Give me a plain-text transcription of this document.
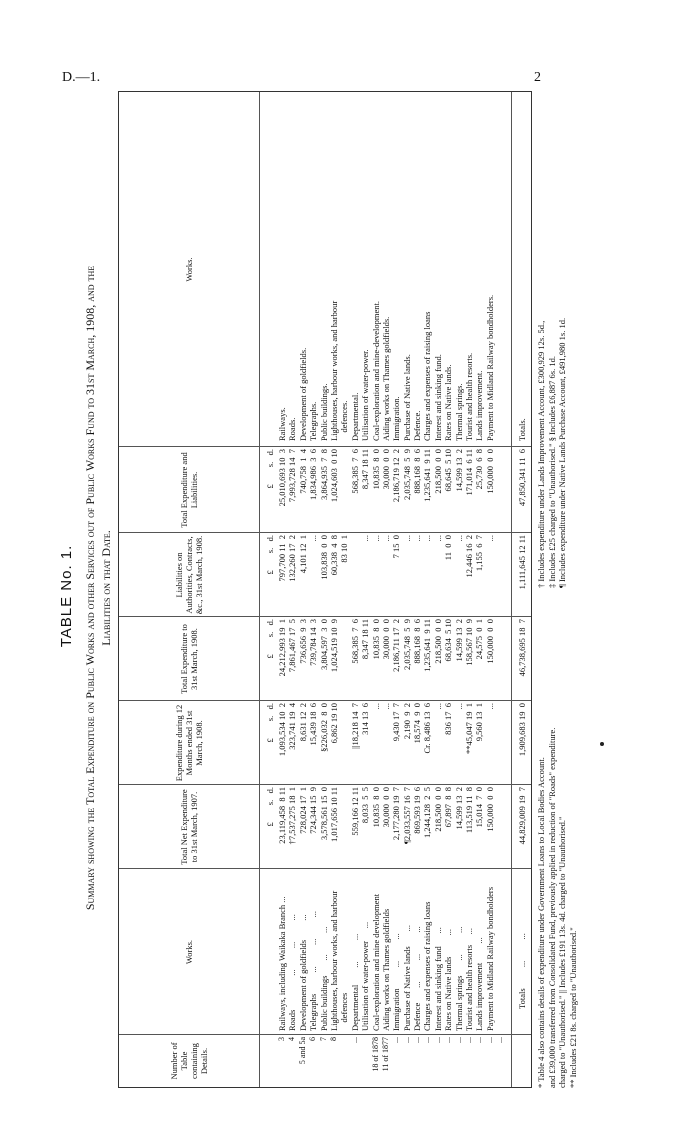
D.—1.	2
TABLE No. 1. Summary showing the Total Expenditure on Public Works and other Services out of Public Works Fund to 31st March, 1908, and the Liabilities on that Date.
Number of Table containing Details.
Works.
Total Net Expenditure to 31st March, 1907.
Expenditure during 12 Months ended 31st March, 1908.
Total Expenditure to 31st March, 1908.
Liabilities on Authorities, Contracts, &c., 31st March, 1908.
Total Expenditure and Liabilities.
Works.
£        s.   d.
£        s.   d.
£        s.   d.
£        s.   d.
£        s.   d.
3 4 5 and 5a 6 7 8 ... 18 of 1878 11 of 1877 ... ... ... ... ... ... ... ... ... ... ...
Railways, including Waikaka Branch ... Roads                ...          ...          ... Development of goldfields         ... Telegraphs          ...          ...          ... Public buildings       ...          ... Lighthouses, harbour works, and harbour defences Departmental        ...          ... Utilisation of water-power      ... Coal-exploration and mine development Aiding works on Thames goldfields Immigration          ...          ... Purchase of Native lands       ... Defence       ...          ...          ... Charges and expenses of raising loans Interest and sinking fund      ... Rates on Native lands          ... Thermal springs       ...          ... Tourist and health resorts     ... Lands improvement         ... Payment to Midland Railway bondholders
23,119,458  8 11 †7,537,275 18  1 728,024 17  1 724,344 15  9 3,578,561 15  0 1,017,656 10 11 559,166 12 11 8,033  5  5 10,835  8  0 30,000  0  0 2,177,280 19  7 ¶2,033,557 16  7 869,593 19  6 1,244,128  2  5 218,500  0  0 67,897  8  8 14,599 13  2 113,519 11  8 15,014  7  0 150,000  0  0
1,093,534 10  2 323,741 19  4 8,631 12  2 15,439 18  6 §226,032  8  0 6,862 19 10 ||18,218 14  7 314 13  6 ... ... 9,430 17  7 2,190  9  2 18,574  9  0 Cr. 8,486 13  6 ... 836 17  6 ... **45,047 19  1 9,560 13  1 ...
24,212,993 19  1 7,861,467 17  5 736,656  9  3 739,784 14  3 3,804,597  3  0 1,024,519 10  9 568,385  7  6 8,347 18 11 10,835  8  0 30,000  0  0 2,186,711 17  2 2,035,748  5  9 888,168  8  6 1,235,641  9 11 218,500  0  0 68,634  5 10 14,599 13  2 158,567 10  9 24,575  0  1 150,000  0  0
797,700 11  2 132,260 17  2 4,101 12  1 ... 103,838  0  0 60,338  4  8 83 10  1 ... ... ... 7 15  0 ... ... ... ... 11  0  0 ... 12,446 16  2 1,155  6  7 ...
25,010,693 10  3 7,993,728 14  7 740,758  1  4 1,834,986  3  6 3,864,935  7  8 1,024,603  0 10 568,385  7  6 8,347 18 11 10,835  8  0 30,000  0  0 2,186,719 12  2 2,035,748  5  9 888,168  8  6 1,235,641  9 11 218,500  0  0 68,645  5 10 14,599 13  2 171,014  6 11 25,730  6  8 150,000  0  0
Railways. Roads. Development of goldfields. Telegraphs. Public buildings. Lighthouses, harbour works, and harbour defences. Departmental. Utilisation of water-power. Coal-exploration and mine-development. Aiding works on Thames goldfields. Immigration. Purchase of Native lands. Defence. Charges and expenses of raising loans Interest and sinking fund. Rates on Native lands. Thermal springs. Tourist and health resorts. Lands improvement. Payment to Midland Railway bondholders.
Totals          ...          ...
44,829,009 19  7
1,909,683 19  0
46,738,695 18  7
1,111,645 12 11
47,850,341 11  6
Totals.
* Table 4 also contains details of expenditure under Government Loans to Local Bodies Account. and £39,000 transferred from Consolidated Fund, previously applied in reduction of "Roads" expenditure. charged to "Unauthorised." || Includes £191 13s. 4d. charged to "Unauthorised." ** Includes £21 8s. charged to "Unauthorised."
† Includes expenditure under Lands Improvement Account, £300,929 12s. 5d., ‡ Includes £25 charged to "Unauthorised." § Includes £6,887 6s. 1d. ¶ Includes expenditure under Native Lands Purchase Account, £491,980 1s. 1d.
